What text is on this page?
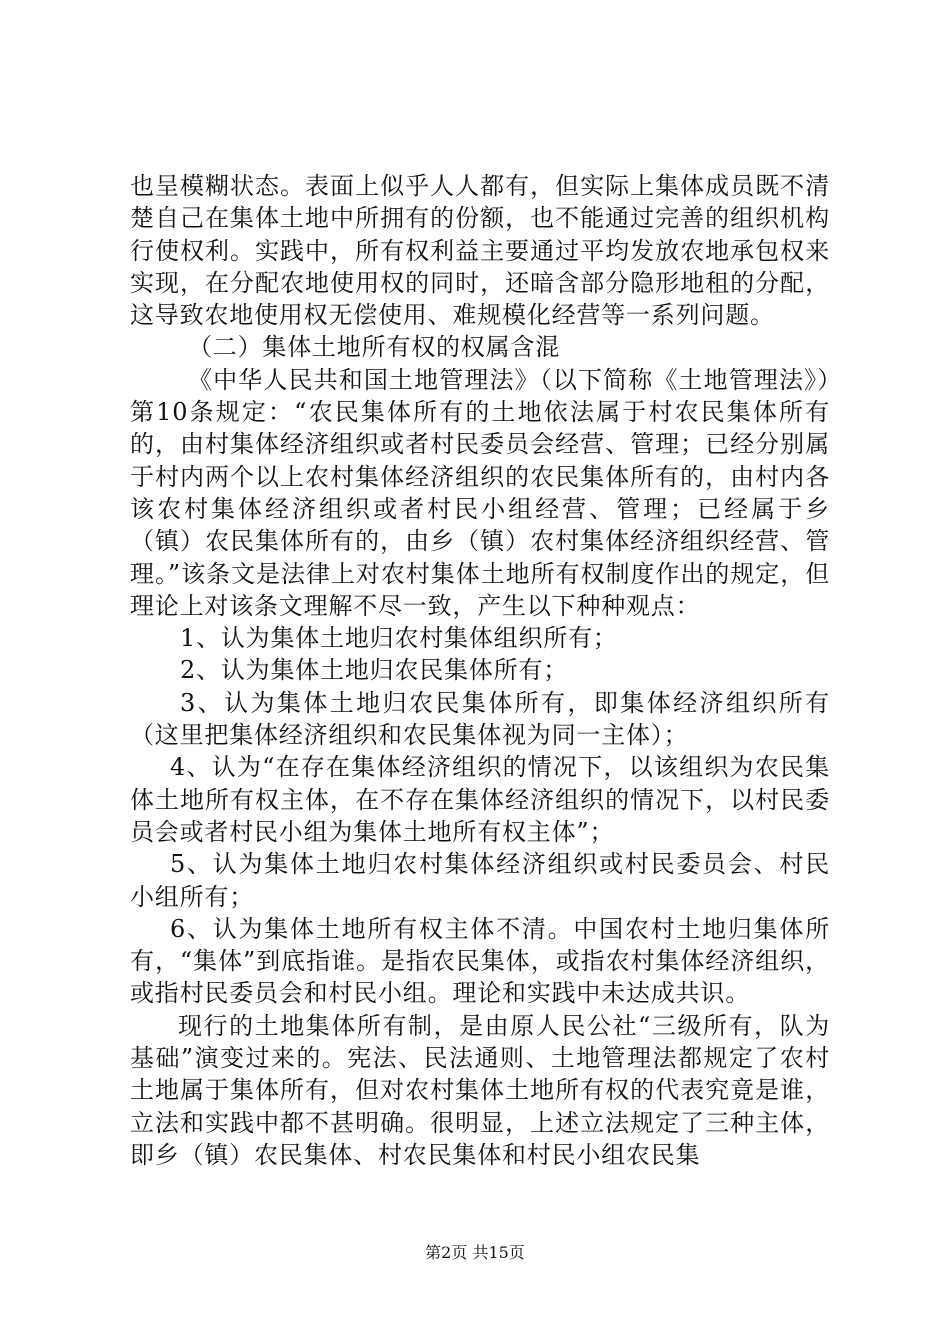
也呈模糊状态。表面上似乎人人都有，但实际上集体成员既不清楚自己在集体土地中所拥有的份额，也不能通过完善的组织机构行使权利。实践中，所有权利益主要通过平均发放农地承包权来实现，在分配农地使用权的同时，还暗含部分隐形地租的分配，这导致农地使用权无偿使用、难规模化经营等一系列问题。

（二）集体土地所有权的权属含混

《中华人民共和国土地管理法》（以下简称《土地管理法》）第10条规定：“农民集体所有的土地依法属于村农民集体所有的，由村集体经济组织或者村民委员会经营、管理；已经分别属于村内两个以上农村集体经济组织的农民集体所有的，由村内各该农村集体经济组织或者村民小组经营、管理；已经属于乡（镇）农民集体所有的，由乡（镇）农村集体经济组织经营、管理。”该条文是法律上对农村集体土地所有权制度作出的规定，但理论上对该条文理解不尽一致，产生以下种种观点：

1、认为集体土地归农村集体组织所有；

2、认为集体土地归农民集体所有；

3、认为集体土地归农民集体所有，即集体经济组织所有（这里把集体经济组织和农民集体视为同一主体）；

4、认为“在存在集体经济组织的情况下，以该组织为农民集体土地所有权主体，在不存在集体经济组织的情况下，以村民委员会或者村民小组为集体土地所有权主体”；

5、认为集体土地归农村集体经济组织或村民委员会、村民小组所有；

6、认为集体土地所有权主体不清。中国农村土地归集体所有，“集体”到底指谁。是指农民集体，或指农村集体经济组织，或指村民委员会和村民小组。理论和实践中未达成共识。

现行的土地集体所有制，是由原人民公社“三级所有，队为基础”演变过来的。宪法、民法通则、土地管理法都规定了农村土地属于集体所有，但对农村集体土地所有权的代表究竟是谁，立法和实践中都不甚明确。很明显，上述立法规定了三种主体，即乡（镇）农民集体、村农民集体和村民小组农民集

第2页 共15页
